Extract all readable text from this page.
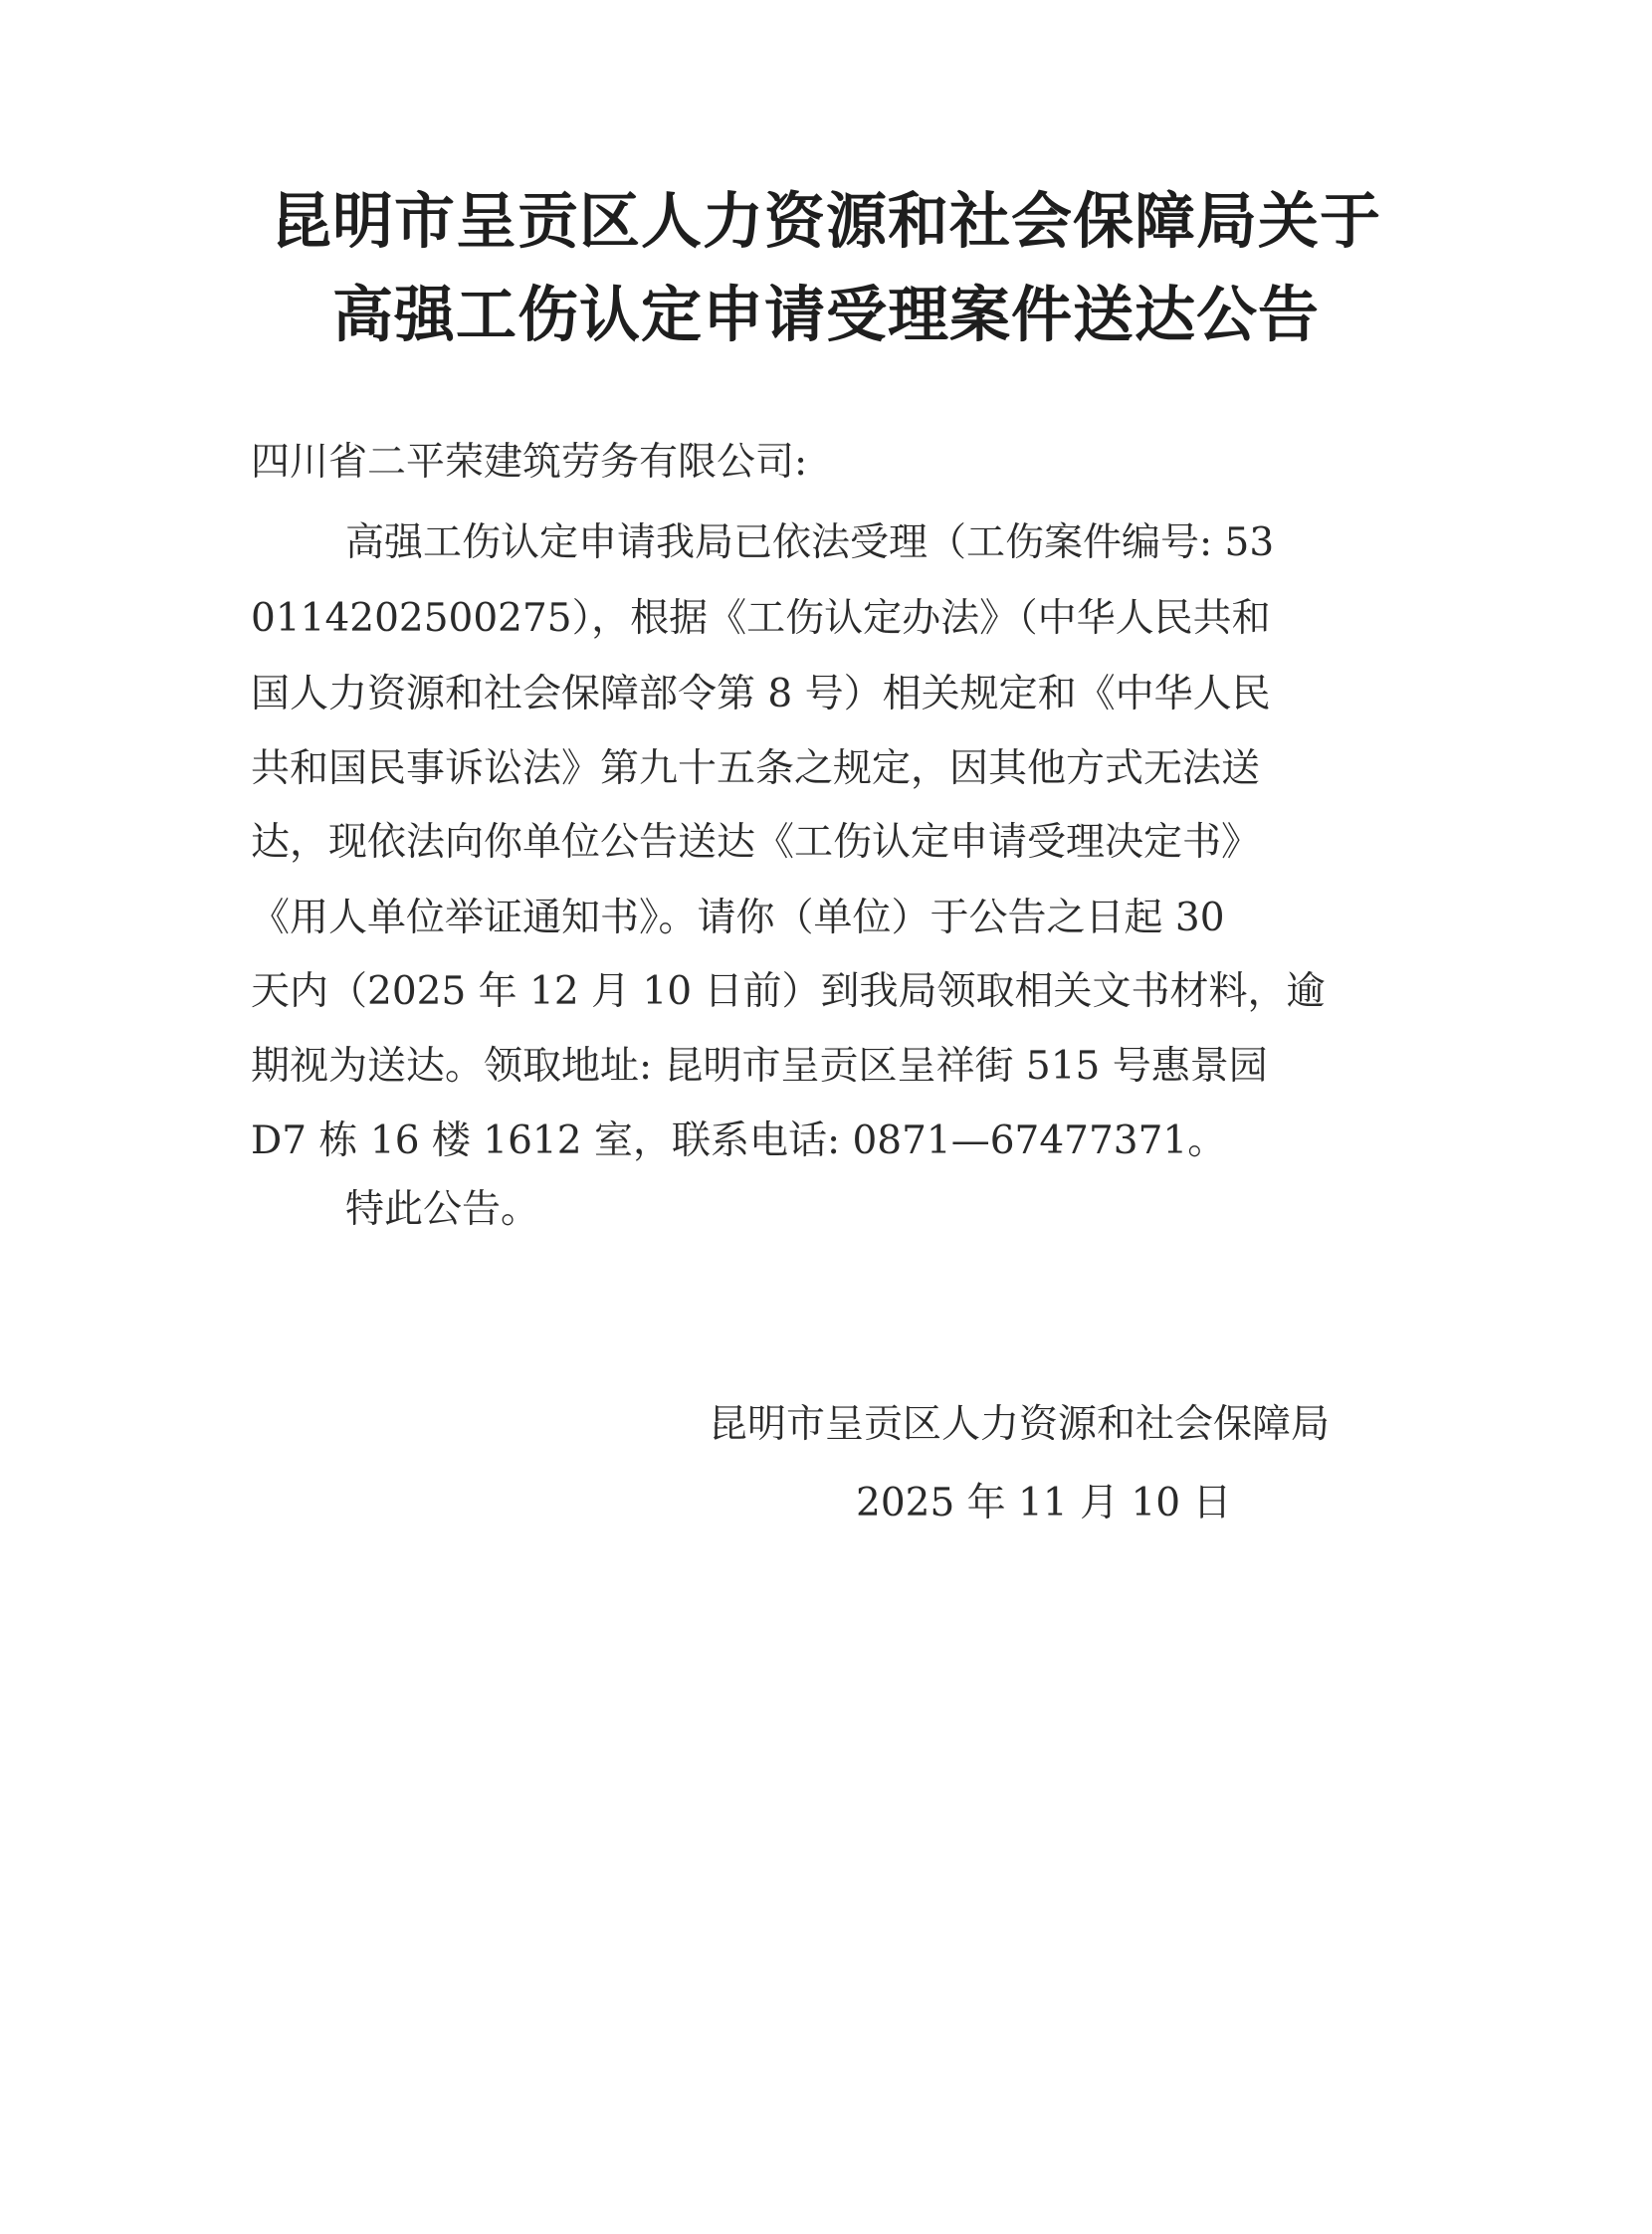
昆明市呈贡区人力资源和社会保障局关于
高强工伤认定申请受理案件送达公告
四川省二平荣建筑劳务有限公司:
高强工伤认定申请我局已依法受理（工伤案件编号: 53
0114202500275），根据《工伤认定办法》（中华人民共和
国人力资源和社会保障部令第 8 号）相关规定和《中华人民
共和国民事诉讼法》第九十五条之规定，因其他方式无法送
达，现依法向你单位公告送达《工伤认定申请受理决定书》
《用人单位举证通知书》。请你（单位）于公告之日起 30
天内（2025 年 12 月 10 日前）到我局领取相关文书材料，逾
期视为送达。领取地址: 昆明市呈贡区呈祥街 515 号惠景园
D7 栋 16 楼 1612 室，联系电话: 0871—67477371。
特此公告。
昆明市呈贡区人力资源和社会保障局
2025 年 11 月 10 日
